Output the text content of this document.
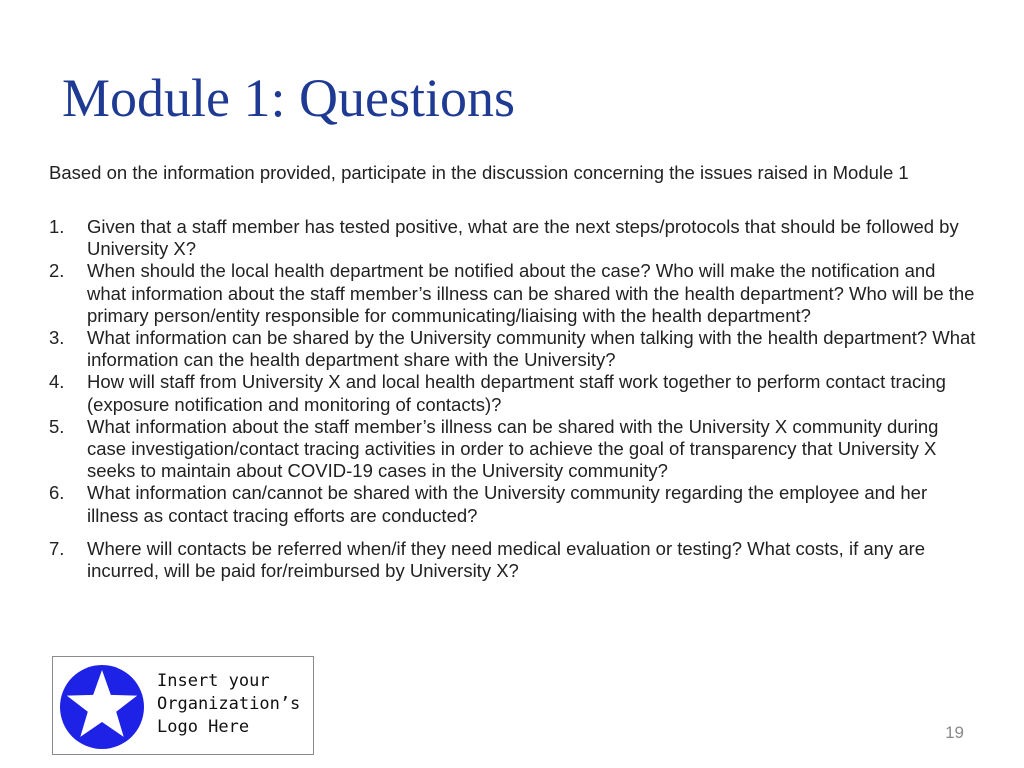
Module 1: Questions

Based on the information provided, participate in the discussion concerning the issues raised in Module 1

1.	Given that a staff member has tested positive, what are the next steps/protocols that should be followed by University X?
2.	When should the local health department be notified about the case? Who will make the notification and what information about the staff member’s illness can be shared with the health department? Who will be the primary person/entity responsible for communicating/liaising with the health department?
3.	What information can be shared by the University community when talking with the health department? What information can the health department share with the University?
4.	How will staff from University X and local health department staff work together to perform contact tracing (exposure notification and monitoring of contacts)?
5.	What information about the staff member’s illness can be shared with the University X community during case investigation/contact tracing activities in order to achieve the goal of transparency that University X seeks to maintain about COVID-19 cases in the University community?
6.	What information can/cannot be shared with the University community regarding the employee and her illness as contact tracing efforts are conducted?
7.	Where will contacts be referred when/if they need medical evaluation or testing? What costs, if any are incurred, will be paid for/reimbursed by University X?
Insert your
Organization’s
Logo Here	19
